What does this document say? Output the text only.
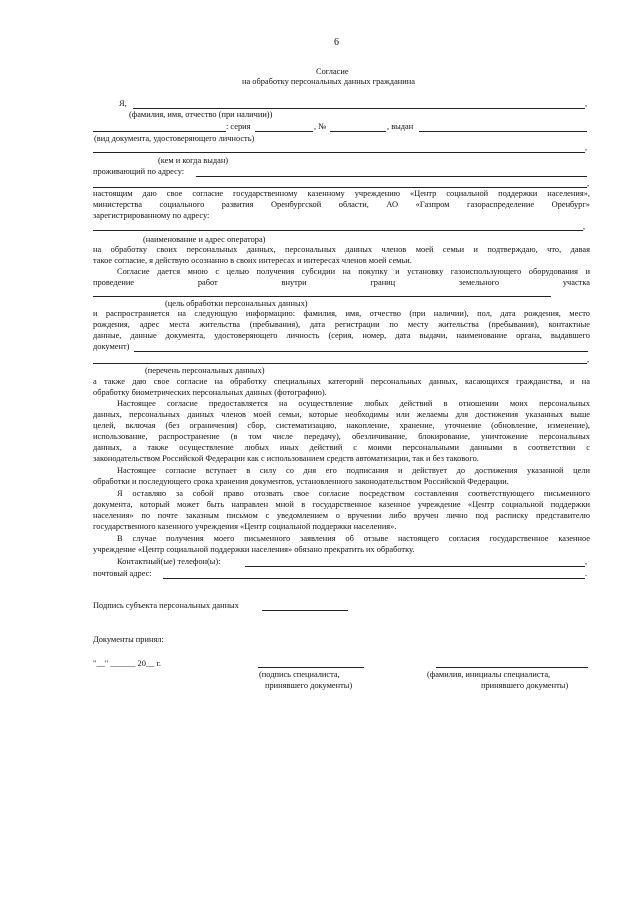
6
Согласие
на обработку персональных данных гражданина
Я,	,
(фамилия, имя, отчество (при наличии))
: серия	, №	, выдан
(вид документа, удостоверяющего личность)
,
(кем и когда выдан)
проживающий по адресу:
,
настоящим даю свое согласие государственному казенному учреждению «Центр социальной поддержки населения»,
министерства социального развития Оренбургской области, АО «Газпром газораспределение Оренбург»
зарегистрированному по адресу:
,
(наименование и адрес оператора)
на обработку своих персональных данных, персональных данных членов моей семьи и подтверждаю, что, давая
такое согласие, я действую осознанно в своих интересах и интересах членов моей семьи.
Согласие дается мною с целью получения субсидии на покупку и установку газоиспользующего оборудования и
проведение работ внутри границ земельного участка
(цель обработки персональных данных)
и распространяется на следующую информацию: фамилия, имя, отчество (при наличии), пол, дата рождения, место
рождения, адрес места жительства (пребывания), дата регистрации по месту жительства (пребывания), контактные
данные, данные документа, удостоверяющего личность (серия, номер, дата выдачи, наименование органа, выдавшего
документ)
,
(перечень персональных данных)
а также даю свое согласие на обработку специальных категорий персональных данных, касающихся гражданства, и на
обработку биометрических персональных данных (фотографию).
Настоящее согласие предоставляется на осуществление любых действий в отношении моих персональных
данных, персональных данных членов моей семьи, которые необходимы или желаемы для достижения указанных выше
целей, включая (без ограничения) сбор, систематизацию, накопление, хранение, уточнение (обновление, изменение),
использование, распространение (в том числе передачу), обезличивание, блокирование, уничтожение персональных
данных, а также осуществление любых иных действий с моими персональными данными в соответствии с
законодательством Российской Федерации как с использованием средств автоматизации, так и без такового.
Настоящее согласие вступает в силу со дня его подписания и действует до достижения указанной цели
обработки и последующего срока хранения документов, установленного законодательством Российской Федерации.
Я оставляю за собой право отозвать свое согласие посредством составления соответствующего письменного
документа, который может быть направлен мной в государственное казенное учреждение «Центр социальной поддержки
населения» по почте заказным письмом с уведомлением о вручении либо вручен лично под расписку представителю
государственного казенного учреждения «Центр социальной поддержки населения».
В случае получения моего письменного заявления об отзыве настоящего согласия государственное казенное
учреждение «Центр социальной поддержки населения» обязано прекратить их обработку.
Контактный(ые) телефон(ы):	,
почтовый адрес:	.
Подпись субъекта персональных данных
Документы принял:
"__" ______ 20__ г.
(подпись специалиста,
принявшего документы)
(фамилия, инициалы специалиста,
принявшего документы)
